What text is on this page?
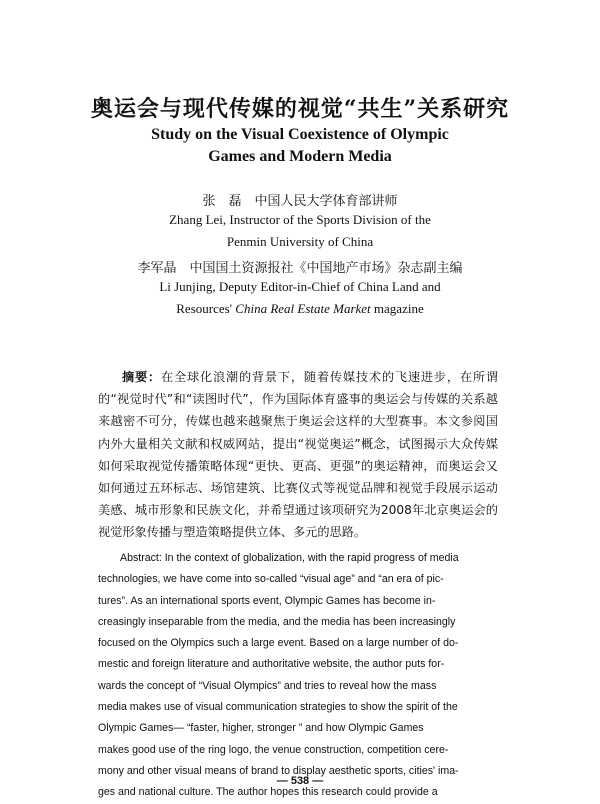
奥运会与现代传媒的视觉“共生”关系研究
Study on the Visual Coexistence of Olympic
Games and Modern Media
张　磊　中国人民大学体育部讲师
Zhang Lei, Instructor of the Sports Division of the
Penmin University of China
李军晶　中国国土资源报社《中国地产市场》杂志副主编
Li Junjing, Deputy Editor-in-Chief of China Land and
Resources' China Real Estate Market magazine
摘要：在全球化浪潮的背景下，随着传媒技术的飞速进步，在所谓的“视觉时代”和“读图时代”，作为国际体育盛事的奥运会与传媒的关系越来越密不可分，传媒也越来越聚焦于奥运会这样的大型赛事。本文参阅国内外大量相关文献和权威网站，提出“视觉奥运”概念，试图揭示大众传媒如何采取视觉传播策略体现“更快、更高、更强”的奥运精神，而奥运会又如何通过五环标志、场馆建筑、比赛仪式等视觉品牌和视觉手段展示运动美感、城市形象和民族文化，并希望通过该项研究为2008年北京奥运会的视觉形象传播与塑造策略提供立体、多元的思路。
Abstract: In the context of globalization, with the rapid progress of media
technologies, we have come into so-called “visual age” and “an era of pic-
tures”. As an international sports event, Olympic Games has become in-
creasingly inseparable from the media, and the media has been increasingly
focused on the Olympics such a large event. Based on a large number of do-
mestic and foreign literature and authoritative website, the author puts for-
wards the concept of “Visual Olympics” and tries to reveal how the mass
media makes use of visual communication strategies to show the spirit of the
Olympic Games— “faster, higher, stronger ” and how Olympic Games
makes good use of the ring logo, the venue construction, competition cere-
mony and other visual means of brand to display aesthetic sports, cities' ima-
ges and national culture. The author hopes this research could provide a
— 538 —
